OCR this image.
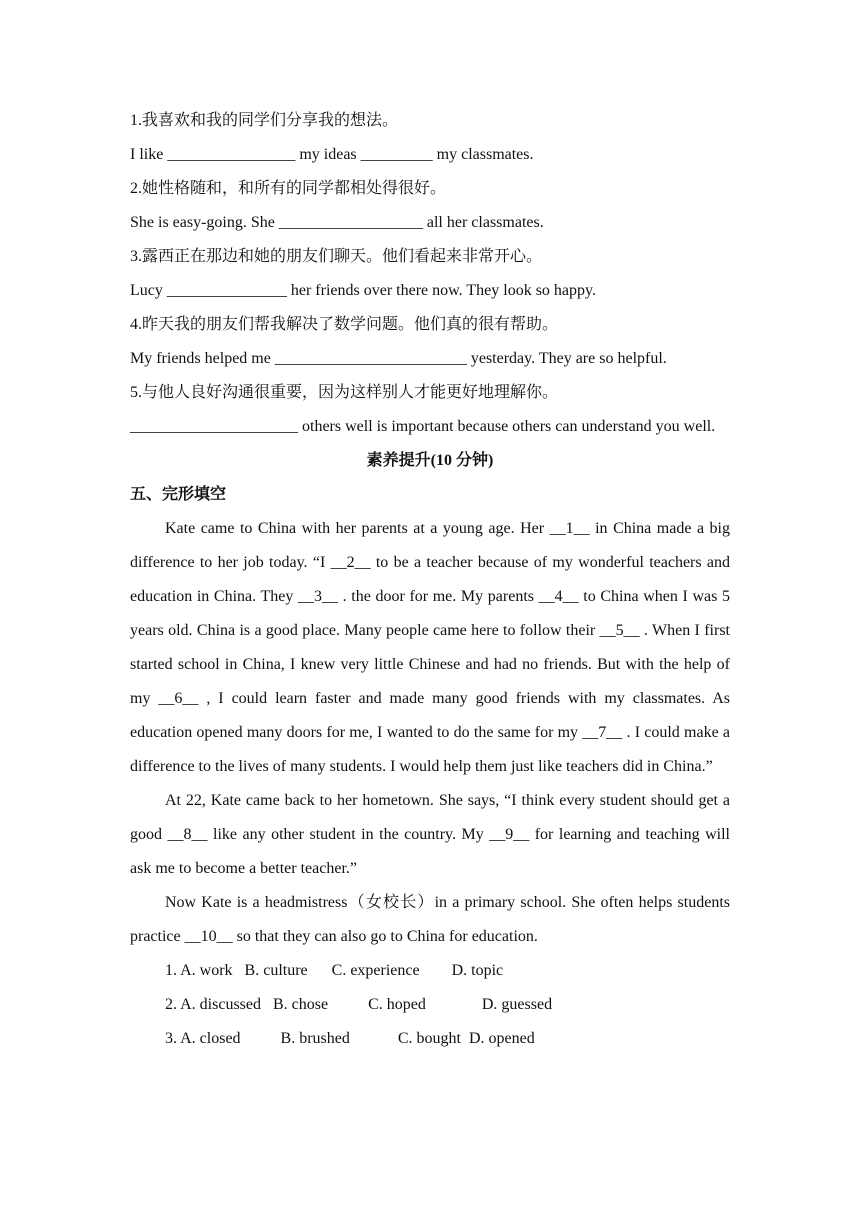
1.我喜欢和我的同学们分享我的想法。

I like ________________ my ideas _________ my classmates.

2.她性格随和，和所有的同学都相处得很好。

She is easy-going. She __________________ all her classmates.

3.露西正在那边和她的朋友们聊天。他们看起来非常开心。

Lucy _______________ her friends over there now. They look so happy.

4.昨天我的朋友们帮我解决了数学问题。他们真的很有帮助。

My friends helped me ________________________ yesterday. They are so helpful.

5.与他人良好沟通很重要，因为这样别人才能更好地理解你。

_____________________ others well is important because others can understand you well.

素养提升(10 分钟)

五、完形填空

Kate came to China with her parents at a young age. Her __1__ in China made a big difference to her job today. “I __2__ to be a teacher because of my wonderful teachers and education in China. They __3__ . the door for me. My parents __4__ to China when I was 5 years old. China is a good place. Many people came here to follow their __5__ . When I first started school in China, I knew very little Chinese and had no friends. But with the help of my __6__ , I could learn faster and made many good friends with my classmates. As education opened many doors for me, I wanted to do the same for my __7__ . I could make a difference to the lives of many students. I would help them just like teachers did in China.”

At 22, Kate came back to her hometown. She says, “I think every student should get a good __8__ like any other student in the country. My __9__ for learning and teaching will ask me to become a better teacher.”

Now Kate is a headmistress（女校长）in a primary school. She often helps students practice __10__ so that they can also go to China for education.

1. A. work   B. culture      C. experience        D. topic

2. A. discussed   B. chose          C. hoped              D. guessed

3. A. closed          B. brushed            C. bought  D. opened
